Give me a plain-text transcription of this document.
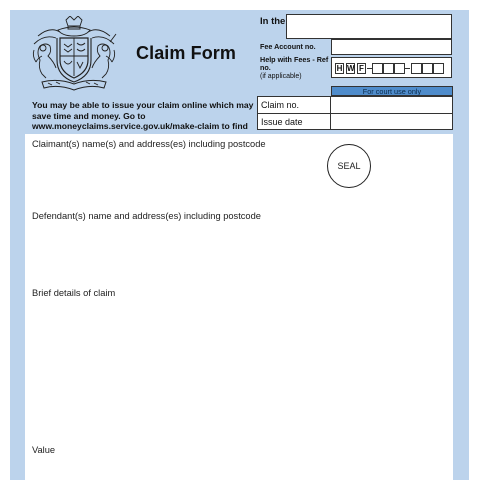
Claim Form
You may be able to issue your claim online which may save time and money. Go to www.moneyclaims.service.gov.uk/make-claim to find
In the
Fee Account no.
Help with Fees - Ref no.
(if applicable)
H W F
For court use only
Claim no.
Issue date
Claimant(s) name(s) and address(es) including postcode
SEAL
Defendant(s) name and address(es) including postcode
Brief details of claim
Value
